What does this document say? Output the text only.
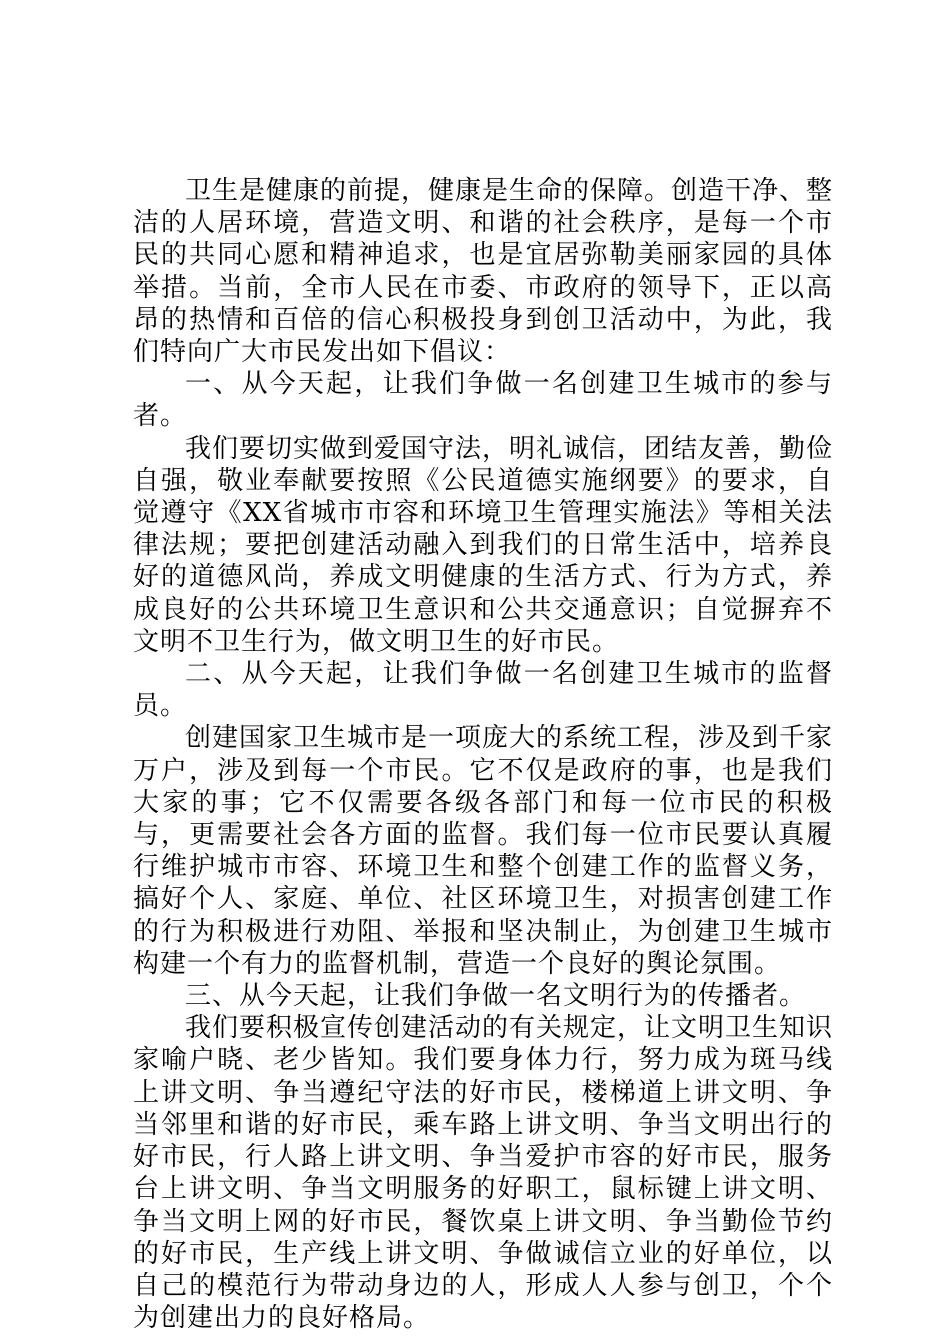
卫生是健康的前提，健康是生命的保障。创造干净、整洁的人居环境，营造文明、和谐的社会秩序，是每一个市民的共同心愿和精神追求，也是宜居弥勒美丽家园的具体举措。当前，全市人民在市委、市政府的领导下，正以高昂的热情和百倍的信心积极投身到创卫活动中，为此，我们特向广大市民发出如下倡议：

一、从今天起，让我们争做一名创建卫生城市的参与者。

我们要切实做到爱国守法，明礼诚信，团结友善，勤俭自强，敬业奉献要按照《公民道德实施纲要》的要求，自觉遵守《XX省城市市容和环境卫生管理实施法》等相关法律法规；要把创建活动融入到我们的日常生活中，培养良好的道德风尚，养成文明健康的生活方式、行为方式，养成良好的公共环境卫生意识和公共交通意识；自觉摒弃不文明不卫生行为，做文明卫生的好市民。

二、从今天起，让我们争做一名创建卫生城市的监督员。

创建国家卫生城市是一项庞大的系统工程，涉及到千家万户，涉及到每一个市民。它不仅是政府的事，也是我们大家的事；它不仅需要各级各部门和每一位市民的积极与，更需要社会各方面的监督。我们每一位市民要认真履行维护城市市容、环境卫生和整个创建工作的监督义务，搞好个人、家庭、单位、社区环境卫生，对损害创建工作的行为积极进行劝阻、举报和坚决制止，为创建卫生城市构建一个有力的监督机制，营造一个良好的舆论氛围。

三、从今天起，让我们争做一名文明行为的传播者。

我们要积极宣传创建活动的有关规定，让文明卫生知识家喻户晓、老少皆知。我们要身体力行，努力成为斑马线上讲文明、争当遵纪守法的好市民，楼梯道上讲文明、争当邻里和谐的好市民，乘车路上讲文明、争当文明出行的好市民，行人路上讲文明、争当爱护市容的好市民，服务台上讲文明、争当文明服务的好职工，鼠标键上讲文明、争当文明上网的好市民，餐饮桌上讲文明、争当勤俭节约的好市民，生产线上讲文明、争做诚信立业的好单位，以自己的模范行为带动身边的人，形成人人参与创卫，个个为创建出力的良好格局。
